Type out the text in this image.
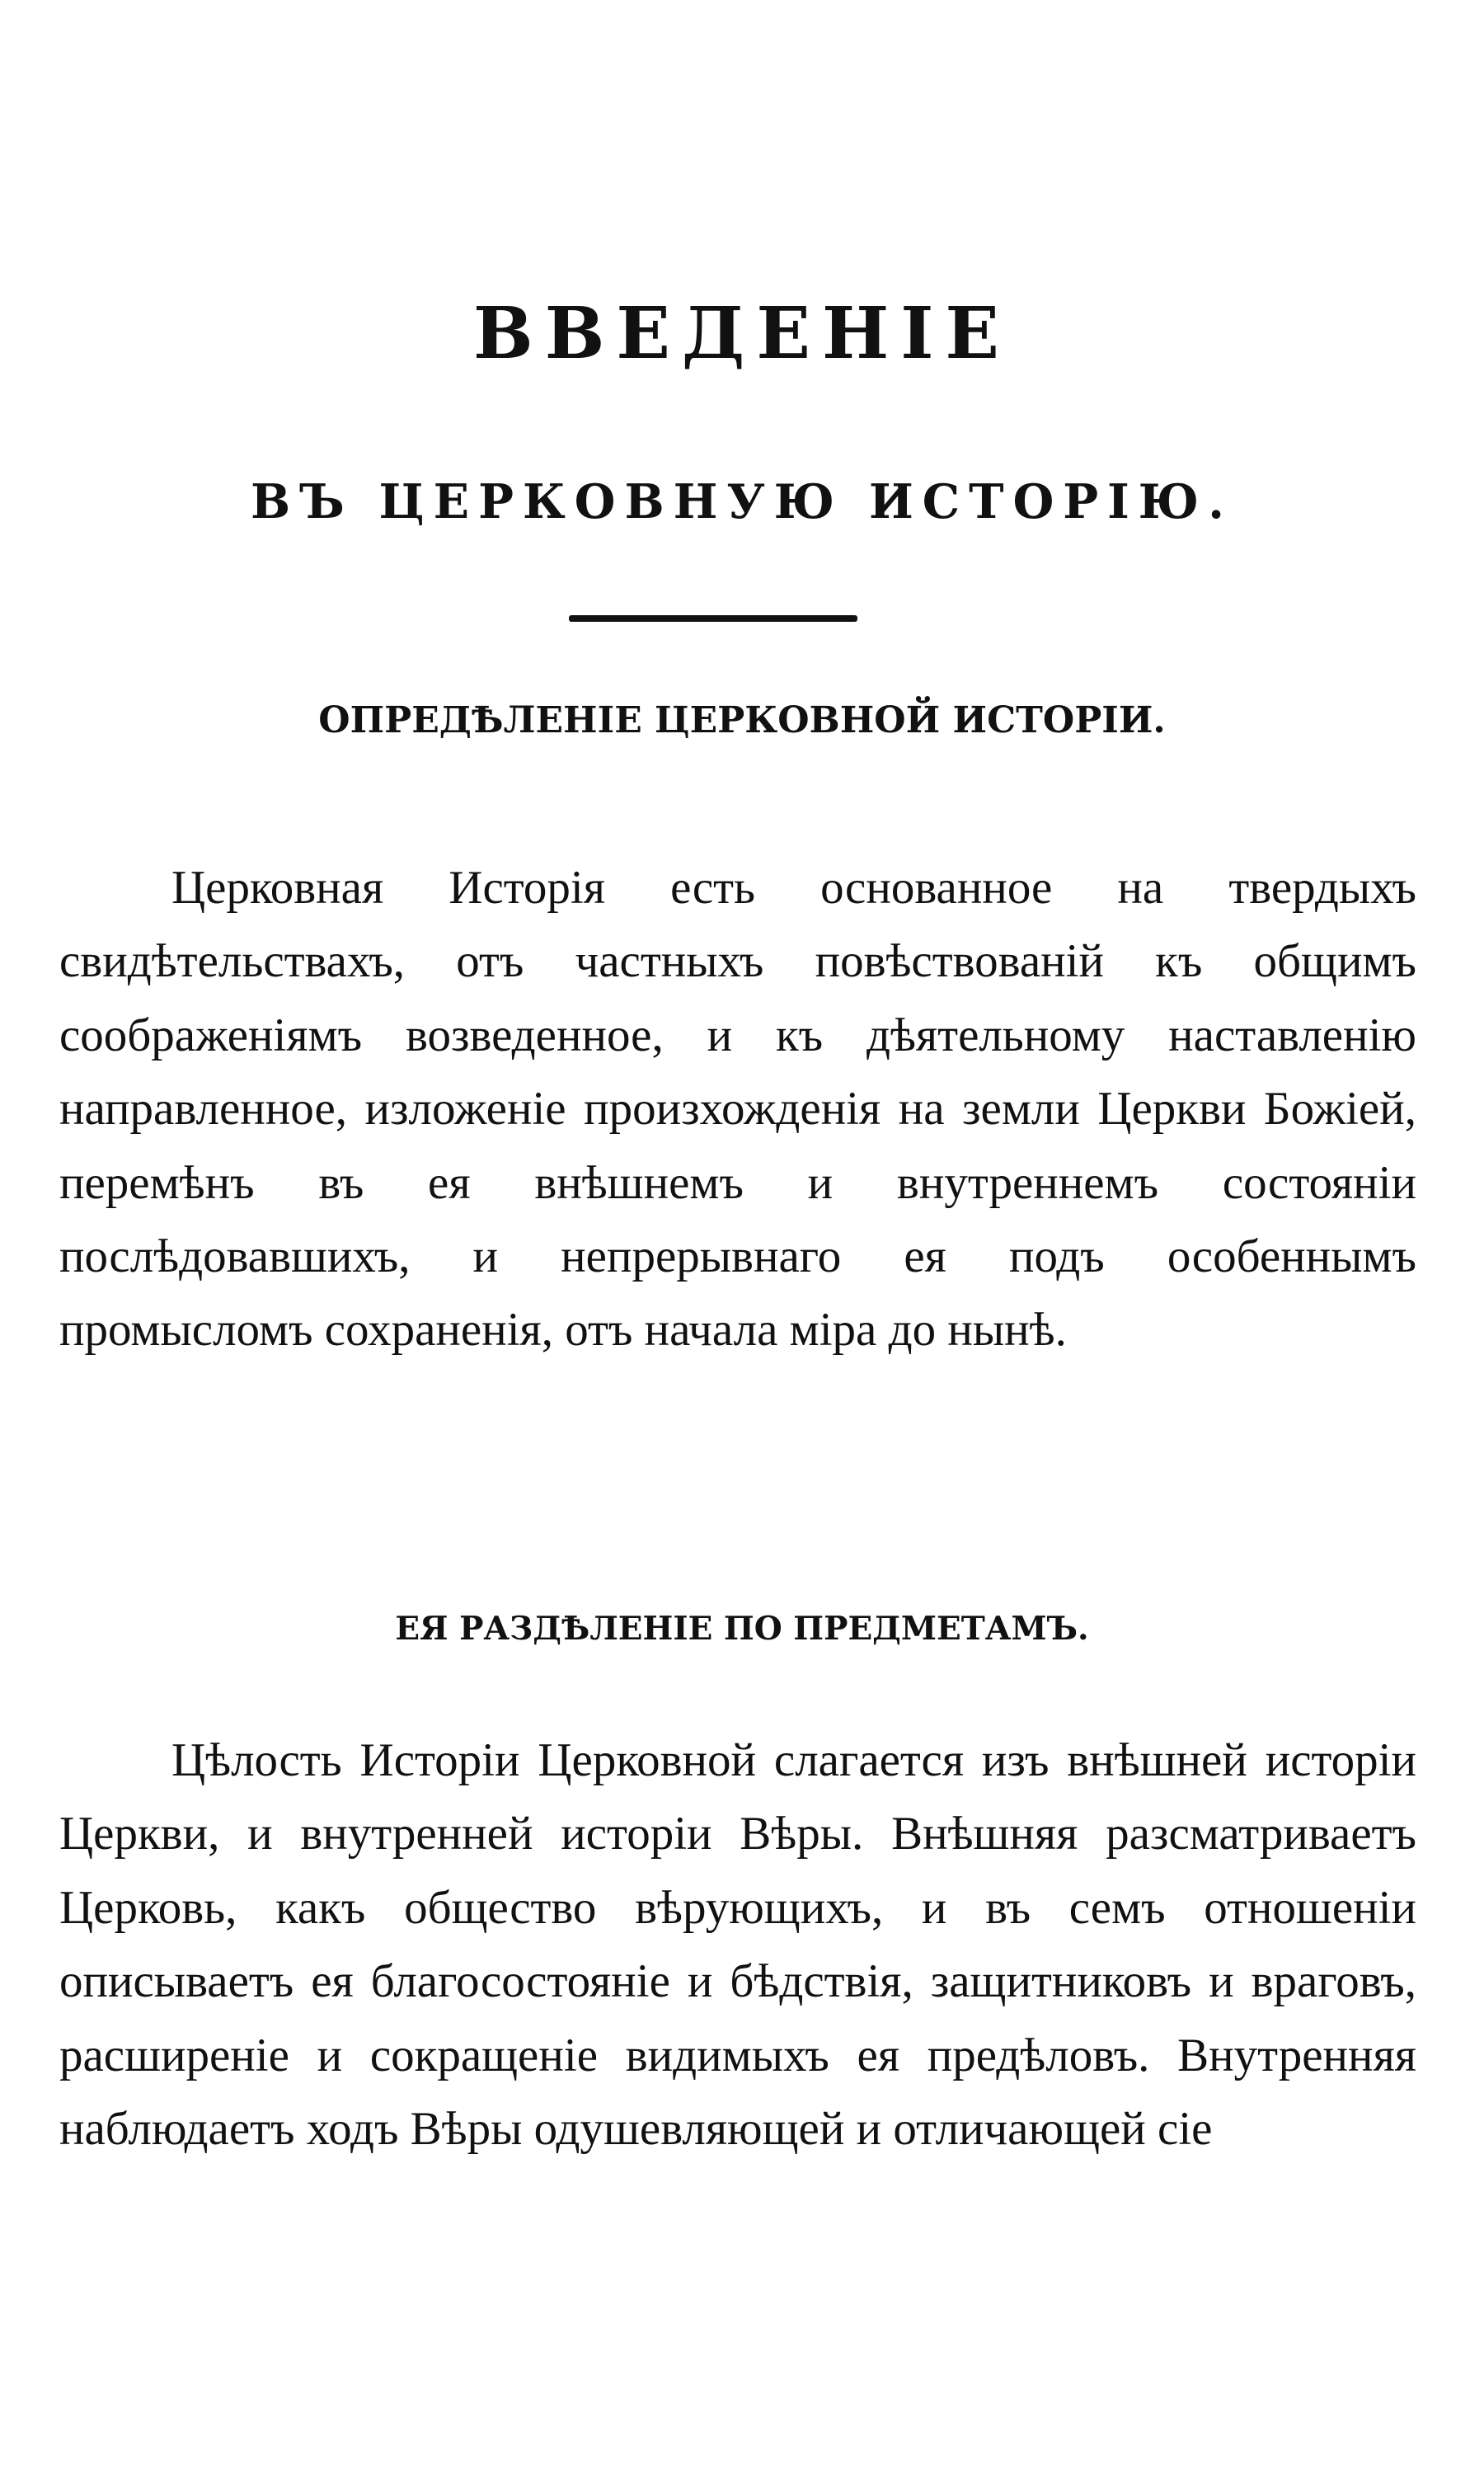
ВВЕДЕНІЕ
ВЪ ЦЕРКОВНУЮ ИСТОРІЮ.
ОПРЕДѢЛЕНІЕ ЦЕРКОВНОЙ ИСТОРІИ.

Церковная Исторія есть основанное на твердыхъ свидѣтельствахъ, отъ частныхъ повѣствованій къ общимъ соображеніямъ возведенное, и къ дѣятельному наставленію направленное, изложеніе произхожденія на земли Церкви Божіей, перемѣнъ въ ея внѣшнемъ и внутреннемъ состояніи послѣдовавшихъ, и непрерывнаго ея подъ особеннымъ промысломъ сохраненія, отъ начала міра до нынѣ.

ЕЯ РАЗДѢЛЕНІЕ ПО ПРЕДМЕТАМЪ.

Цѣлость Исторіи Церковной слагается изъ внѣшней исторіи Церкви, и внутренней исторіи Вѣры. Внѣшняя разсматриваетъ Церковь, какъ общество вѣрующихъ, и въ семъ отношеніи описываетъ ея благосостояніе и бѣдствія, защитниковъ и враговъ, расширеніе и сокращеніе видимыхъ ея предѣловъ. Внутренняя наблюдаетъ ходъ Вѣры одушевляющей и отличающей сіе
